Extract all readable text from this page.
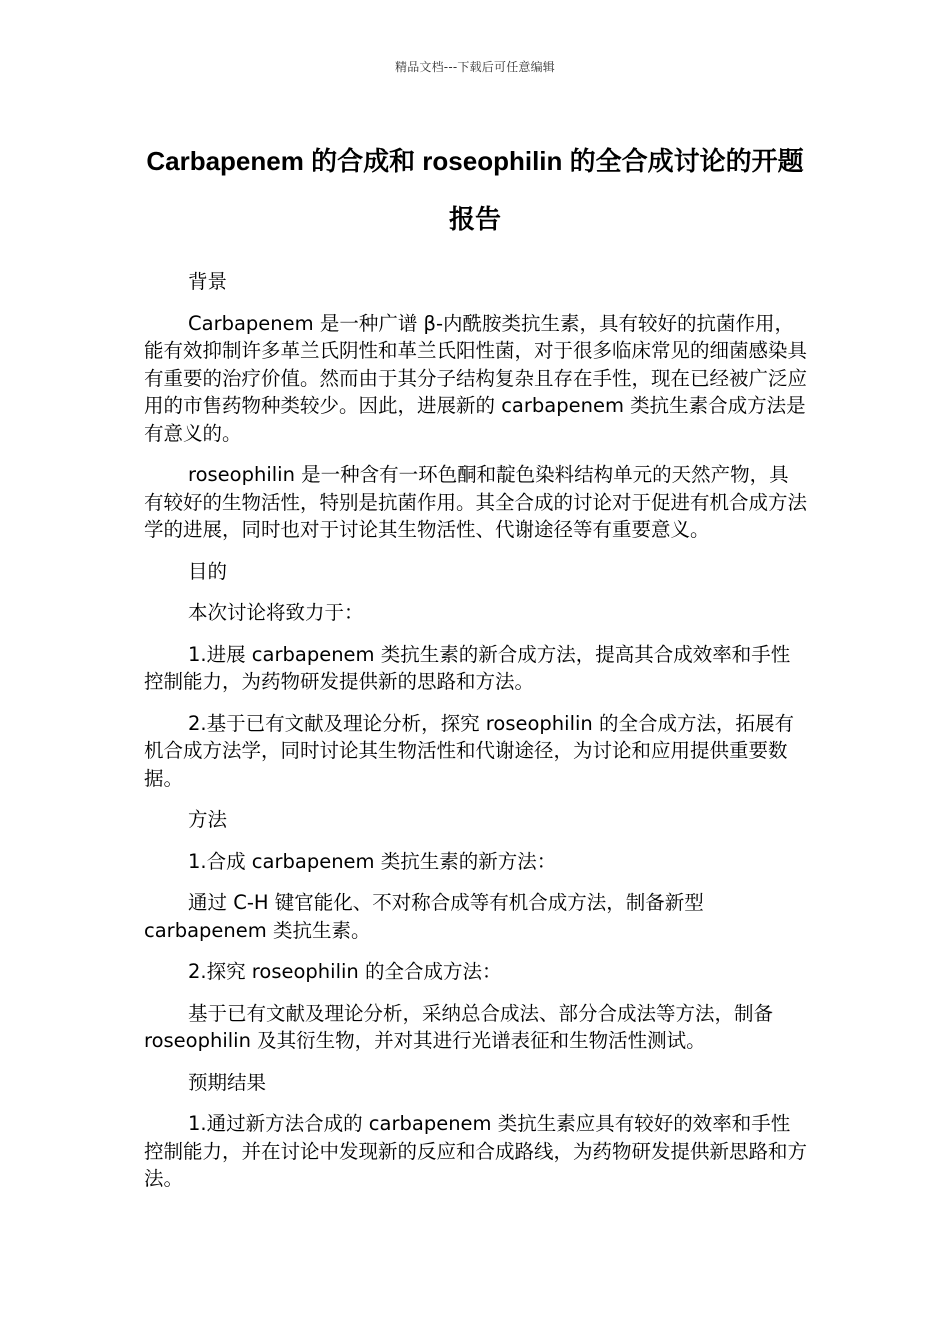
精品文档---下载后可任意编辑
Carbapenem 的合成和 roseophilin 的全合成讨论的开题报告

背景

Carbapenem 是一种广谱 β-内酰胺类抗生素，具有较好的抗菌作用，能有效抑制许多革兰氏阴性和革兰氏阳性菌，对于很多临床常见的细菌感染具有重要的治疗价值。然而由于其分子结构复杂且存在手性，现在已经被广泛应用的市售药物种类较少。因此，进展新的 carbapenem 类抗生素合成方法是有意义的。

roseophilin 是一种含有一环色酮和靛色染料结构单元的天然产物，具有较好的生物活性，特别是抗菌作用。其全合成的讨论对于促进有机合成方法学的进展，同时也对于讨论其生物活性、代谢途径等有重要意义。

目的

本次讨论将致力于：

1.进展 carbapenem 类抗生素的新合成方法，提高其合成效率和手性控制能力，为药物研发提供新的思路和方法。

2.基于已有文献及理论分析，探究 roseophilin 的全合成方法，拓展有机合成方法学，同时讨论其生物活性和代谢途径，为讨论和应用提供重要数据。

方法

1.合成 carbapenem 类抗生素的新方法：

通过 C-H 键官能化、不对称合成等有机合成方法，制备新型 carbapenem 类抗生素。

2.探究 roseophilin 的全合成方法：

基于已有文献及理论分析，采纳总合成法、部分合成法等方法，制备 roseophilin 及其衍生物，并对其进行光谱表征和生物活性测试。

预期结果

1.通过新方法合成的 carbapenem 类抗生素应具有较好的效率和手性控制能力，并在讨论中发现新的反应和合成路线，为药物研发提供新思路和方法。
